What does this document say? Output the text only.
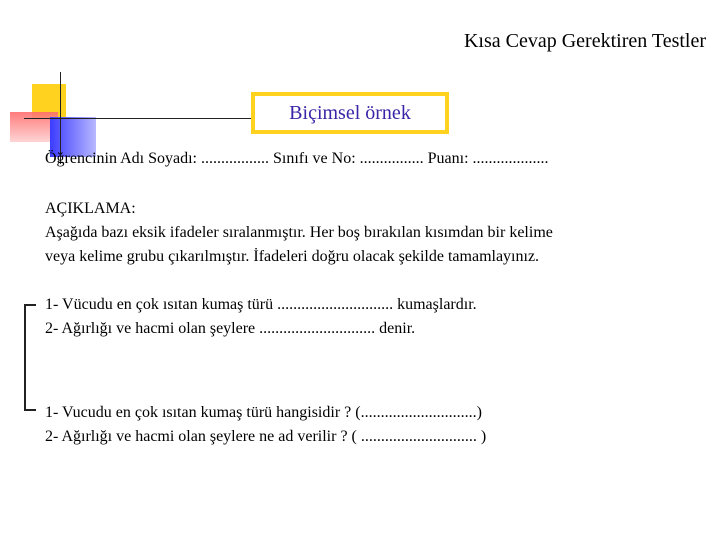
Kısa Cevap Gerektiren Testler
Biçimsel örnek
Öğrencinin Adı Soyadı: ................. Sınıfı ve No: ................ Puanı: ...................
AÇIKLAMA:
Aşağıda bazı eksik ifadeler sıralanmıştır. Her boş bırakılan kısımdan bir kelime
veya kelime grubu çıkarılmıştır. İfadeleri doğru olacak şekilde tamamlayınız.
1- Vücudu en çok ısıtan kumaş türü ............................. kumaşlardır.
2- Ağırlığı ve hacmi olan şeylere ............................. denir.
1- Vucudu en çok ısıtan kumaş türü hangisidir ? (.............................)
2- Ağırlığı ve hacmi olan şeylere ne ad verilir ? ( ............................. )
